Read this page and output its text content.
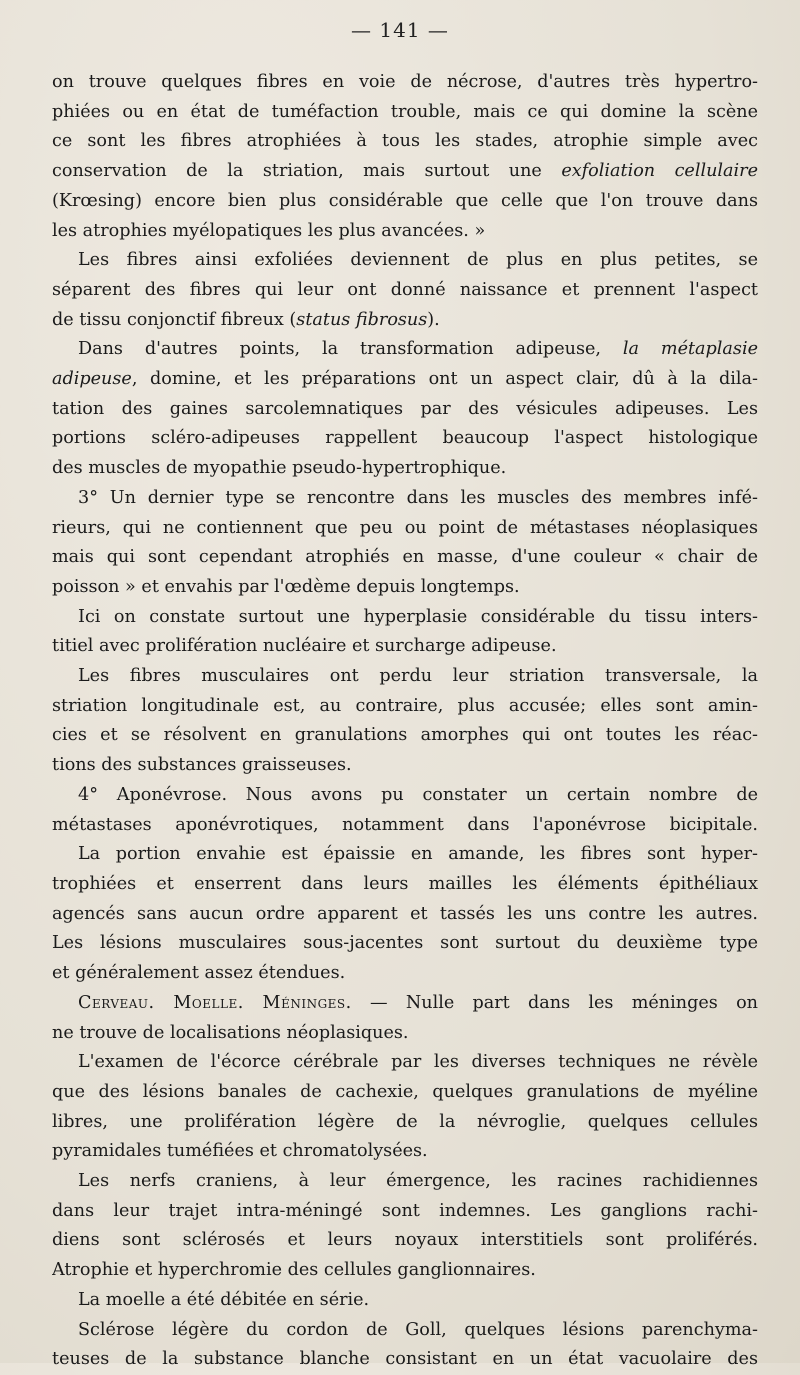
— 141 —
on trouve quelques fibres en voie de nécrose, d'autres très hypertro-
phiées ou en état de tuméfaction trouble, mais ce qui domine la scène
ce sont les fibres atrophiées à tous les stades, atrophie simple avec
conservation de la striation, mais surtout une exfoliation cellulaire
(Krœsing) encore bien plus considérable que celle que l'on trouve dans
les atrophies myélopatiques les plus avancées. »
Les fibres ainsi exfoliées deviennent de plus en plus petites, se
séparent des fibres qui leur ont donné naissance et prennent l'aspect
de tissu conjonctif fibreux (status fibrosus).
Dans d'autres points, la transformation adipeuse, la métaplasie
adipeuse, domine, et les préparations ont un aspect clair, dû à la dila-
tation des gaines sarcolemnatiques par des vésicules adipeuses. Les
portions scléro-adipeuses rappellent beaucoup l'aspect histologique
des muscles de myopathie pseudo-hypertrophique.
3° Un dernier type se rencontre dans les muscles des membres infé-
rieurs, qui ne contiennent que peu ou point de métastases néoplasiques
mais qui sont cependant atrophiés en masse, d'une couleur « chair de
poisson » et envahis par l'œdème depuis longtemps.
Ici on constate surtout une hyperplasie considérable du tissu inters-
titiel avec prolifération nucléaire et surcharge adipeuse.
Les fibres musculaires ont perdu leur striation transversale, la
striation longitudinale est, au contraire, plus accusée; elles sont amin-
cies et se résolvent en granulations amorphes qui ont toutes les réac-
tions des substances graisseuses.
4° Aponévrose. Nous avons pu constater un certain nombre de
métastases aponévrotiques, notamment dans l'aponévrose bicipitale.
La portion envahie est épaissie en amande, les fibres sont hyper-
trophiées et enserrent dans leurs mailles les éléments épithéliaux
agencés sans aucun ordre apparent et tassés les uns contre les autres.
Les lésions musculaires sous-jacentes sont surtout du deuxième type
et généralement assez étendues.
Cerveau. Moelle. Méninges. — Nulle part dans les méninges on
ne trouve de localisations néoplasiques.
L'examen de l'écorce cérébrale par les diverses techniques ne révèle
que des lésions banales de cachexie, quelques granulations de myéline
libres, une prolifération légère de la névroglie, quelques cellules
pyramidales tuméfiées et chromatolysées.
Les nerfs craniens, à leur émergence, les racines rachidiennes
dans leur trajet intra-méningé sont indemnes. Les ganglions rachi-
diens sont sclérosés et leurs noyaux interstitiels sont proliférés.
Atrophie et hyperchromie des cellules ganglionnaires.
La moelle a été débitée en série.
Sclérose légère du cordon de Goll, quelques lésions parenchyma-
teuses de la substance blanche consistant en un état vacuolaire des
